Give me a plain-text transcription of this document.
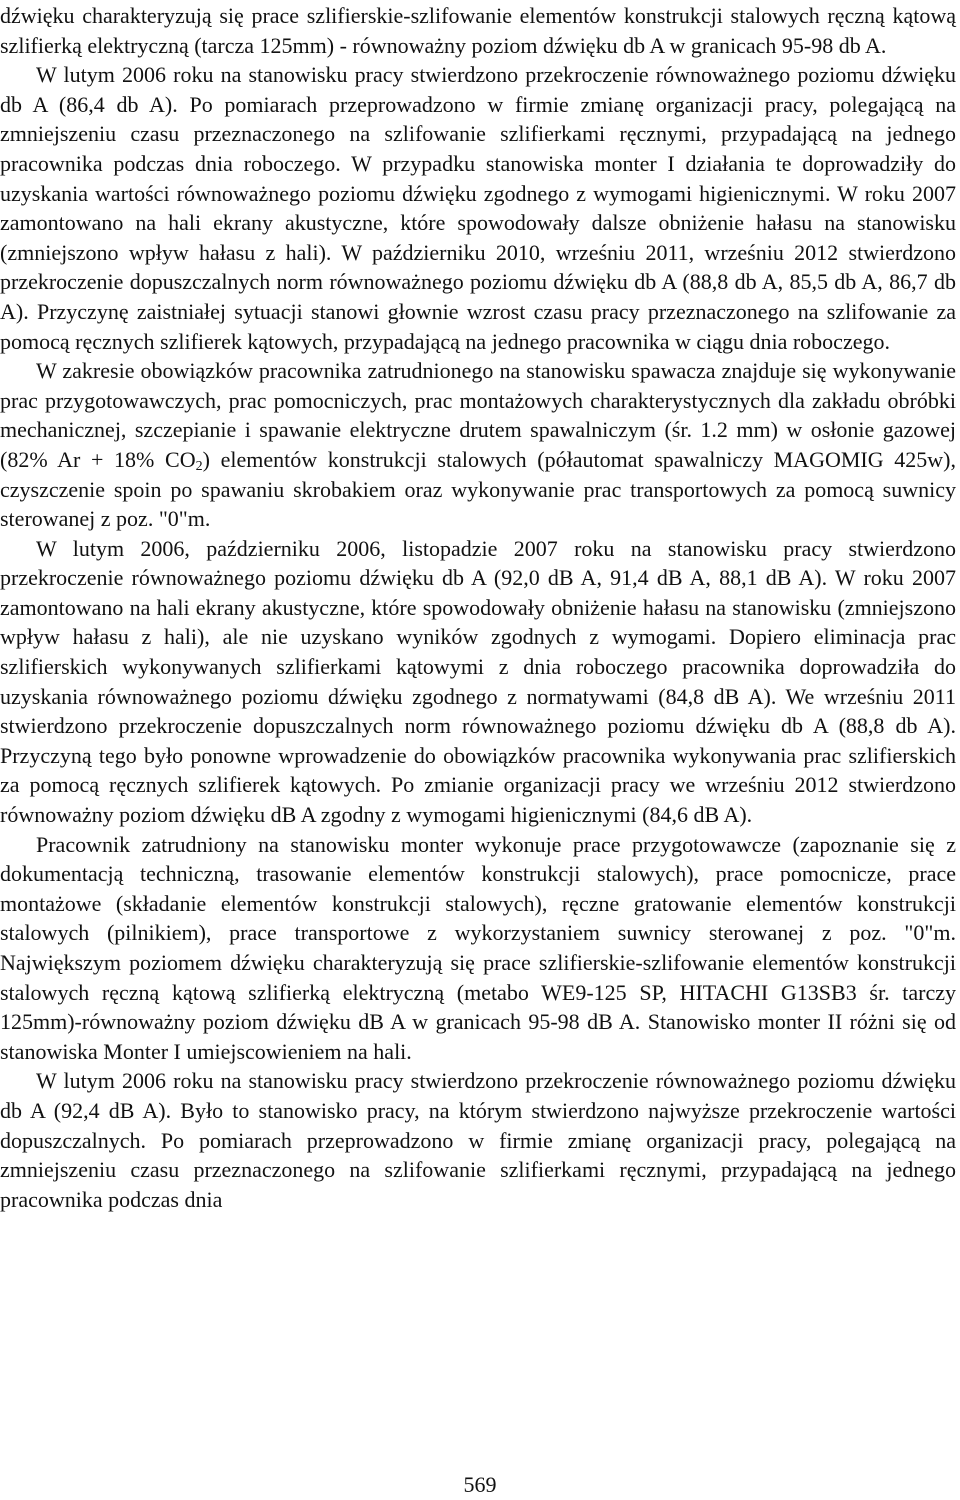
dźwięku charakteryzują się prace szlifierskie-szlifowanie elementów konstrukcji stalowych ręczną kątową szlifierką elektryczną (tarcza 125mm) - równoważny poziom dźwięku db A w granicach 95-98 db A.

W lutym 2006 roku na stanowisku pracy stwierdzono przekroczenie równoważnego poziomu dźwięku db A (86,4 db A). Po pomiarach przeprowadzono w firmie zmianę organizacji pracy, polegającą na zmniejszeniu czasu przeznaczonego na szlifowanie szlifierkami ręcznymi, przypadającą na jednego pracownika podczas dnia roboczego. W przypadku stanowiska monter I działania te doprowadziły do uzyskania wartości równoważnego poziomu dźwięku zgodnego z wymogami higienicznymi. W roku 2007 zamontowano na hali ekrany akustyczne, które spowodowały dalsze obniżenie hałasu na stanowisku (zmniejszono wpływ hałasu z hali). W październiku 2010, wrześniu 2011, wrześniu 2012 stwierdzono przekroczenie dopuszczalnych norm równoważnego poziomu dźwięku db A (88,8 db A, 85,5 db A, 86,7 db A). Przyczynę zaistniałej sytuacji stanowi głownie wzrost czasu pracy przeznaczonego na szlifowanie za pomocą ręcznych szlifierek kątowych, przypadającą na jednego pracownika w ciągu dnia roboczego.

W zakresie obowiązków pracownika zatrudnionego na stanowisku spawacza znajduje się wykonywanie prac przygotowawczych, prac pomocniczych, prac montażowych charakterystycznych dla zakładu obróbki mechanicznej, szczepianie i spawanie elektryczne drutem spawalniczym (śr. 1.2 mm) w osłonie gazowej (82% Ar + 18% $CO_2$) elementów konstrukcji stalowych (półautomat spawalniczy MAGOMIG 425w), czyszczenie spoin po spawaniu skrobakiem oraz wykonywanie prac transportowych za pomocą suwnicy sterowanej z poz. "0"m.

W lutym 2006, październiku 2006, listopadzie 2007 roku na stanowisku pracy stwierdzono przekroczenie równoważnego poziomu dźwięku db A (92,0 dB A, 91,4 dB A, 88,1 dB A). W roku 2007 zamontowano na hali ekrany akustyczne, które spowodowały obniżenie hałasu na stanowisku (zmniejszono wpływ hałasu z hali), ale nie uzyskano wyników zgodnych z wymogami. Dopiero eliminacja prac szlifierskich wykonywanych szlifierkami kątowymi z dnia roboczego pracownika doprowadziła do uzyskania równoważnego poziomu dźwięku zgodnego z normatywami (84,8 dB A). We wrześniu 2011 stwierdzono przekroczenie dopuszczalnych norm równoważnego poziomu dźwięku db A (88,8 db A). Przyczyną tego było ponowne wprowadzenie do obowiązków pracownika wykonywania prac szlifierskich za pomocą ręcznych szlifierek kątowych. Po zmianie organizacji pracy we wrześniu 2012 stwierdzono równoważny poziom dźwięku dB A zgodny z wymogami higienicznymi (84,6 dB A).

Pracownik zatrudniony na stanowisku monter wykonuje prace przygotowawcze (zapoznanie się z dokumentacją techniczną, trasowanie elementów konstrukcji stalowych), prace pomocnicze, prace montażowe (składanie elementów konstrukcji stalowych), ręczne gratowanie elementów konstrukcji stalowych (pilnikiem), prace transportowe z wykorzystaniem suwnicy sterowanej z poz. "0"m. Największym poziomem dźwięku charakteryzują się prace szlifierskie-szlifowanie elementów konstrukcji stalowych ręczną kątową szlifierką elektryczną (metabo WE9-125 SP, HITACHI G13SB3 śr. tarczy 125mm)-równoważny poziom dźwięku dB A w granicach 95-98 dB A. Stanowisko monter II różni się od stanowiska Monter I umiejscowieniem na hali.

W lutym 2006 roku na stanowisku pracy stwierdzono przekroczenie równoważnego poziomu dźwięku db A (92,4 dB A). Było to stanowisko pracy, na którym stwierdzono najwyższe przekroczenie wartości dopuszczalnych. Po pomiarach przeprowadzono w firmie zmianę organizacji pracy, polegającą na zmniejszeniu czasu przeznaczonego na szlifowanie szlifierkami ręcznymi, przypadającą na jednego pracownika podczas dnia

569
